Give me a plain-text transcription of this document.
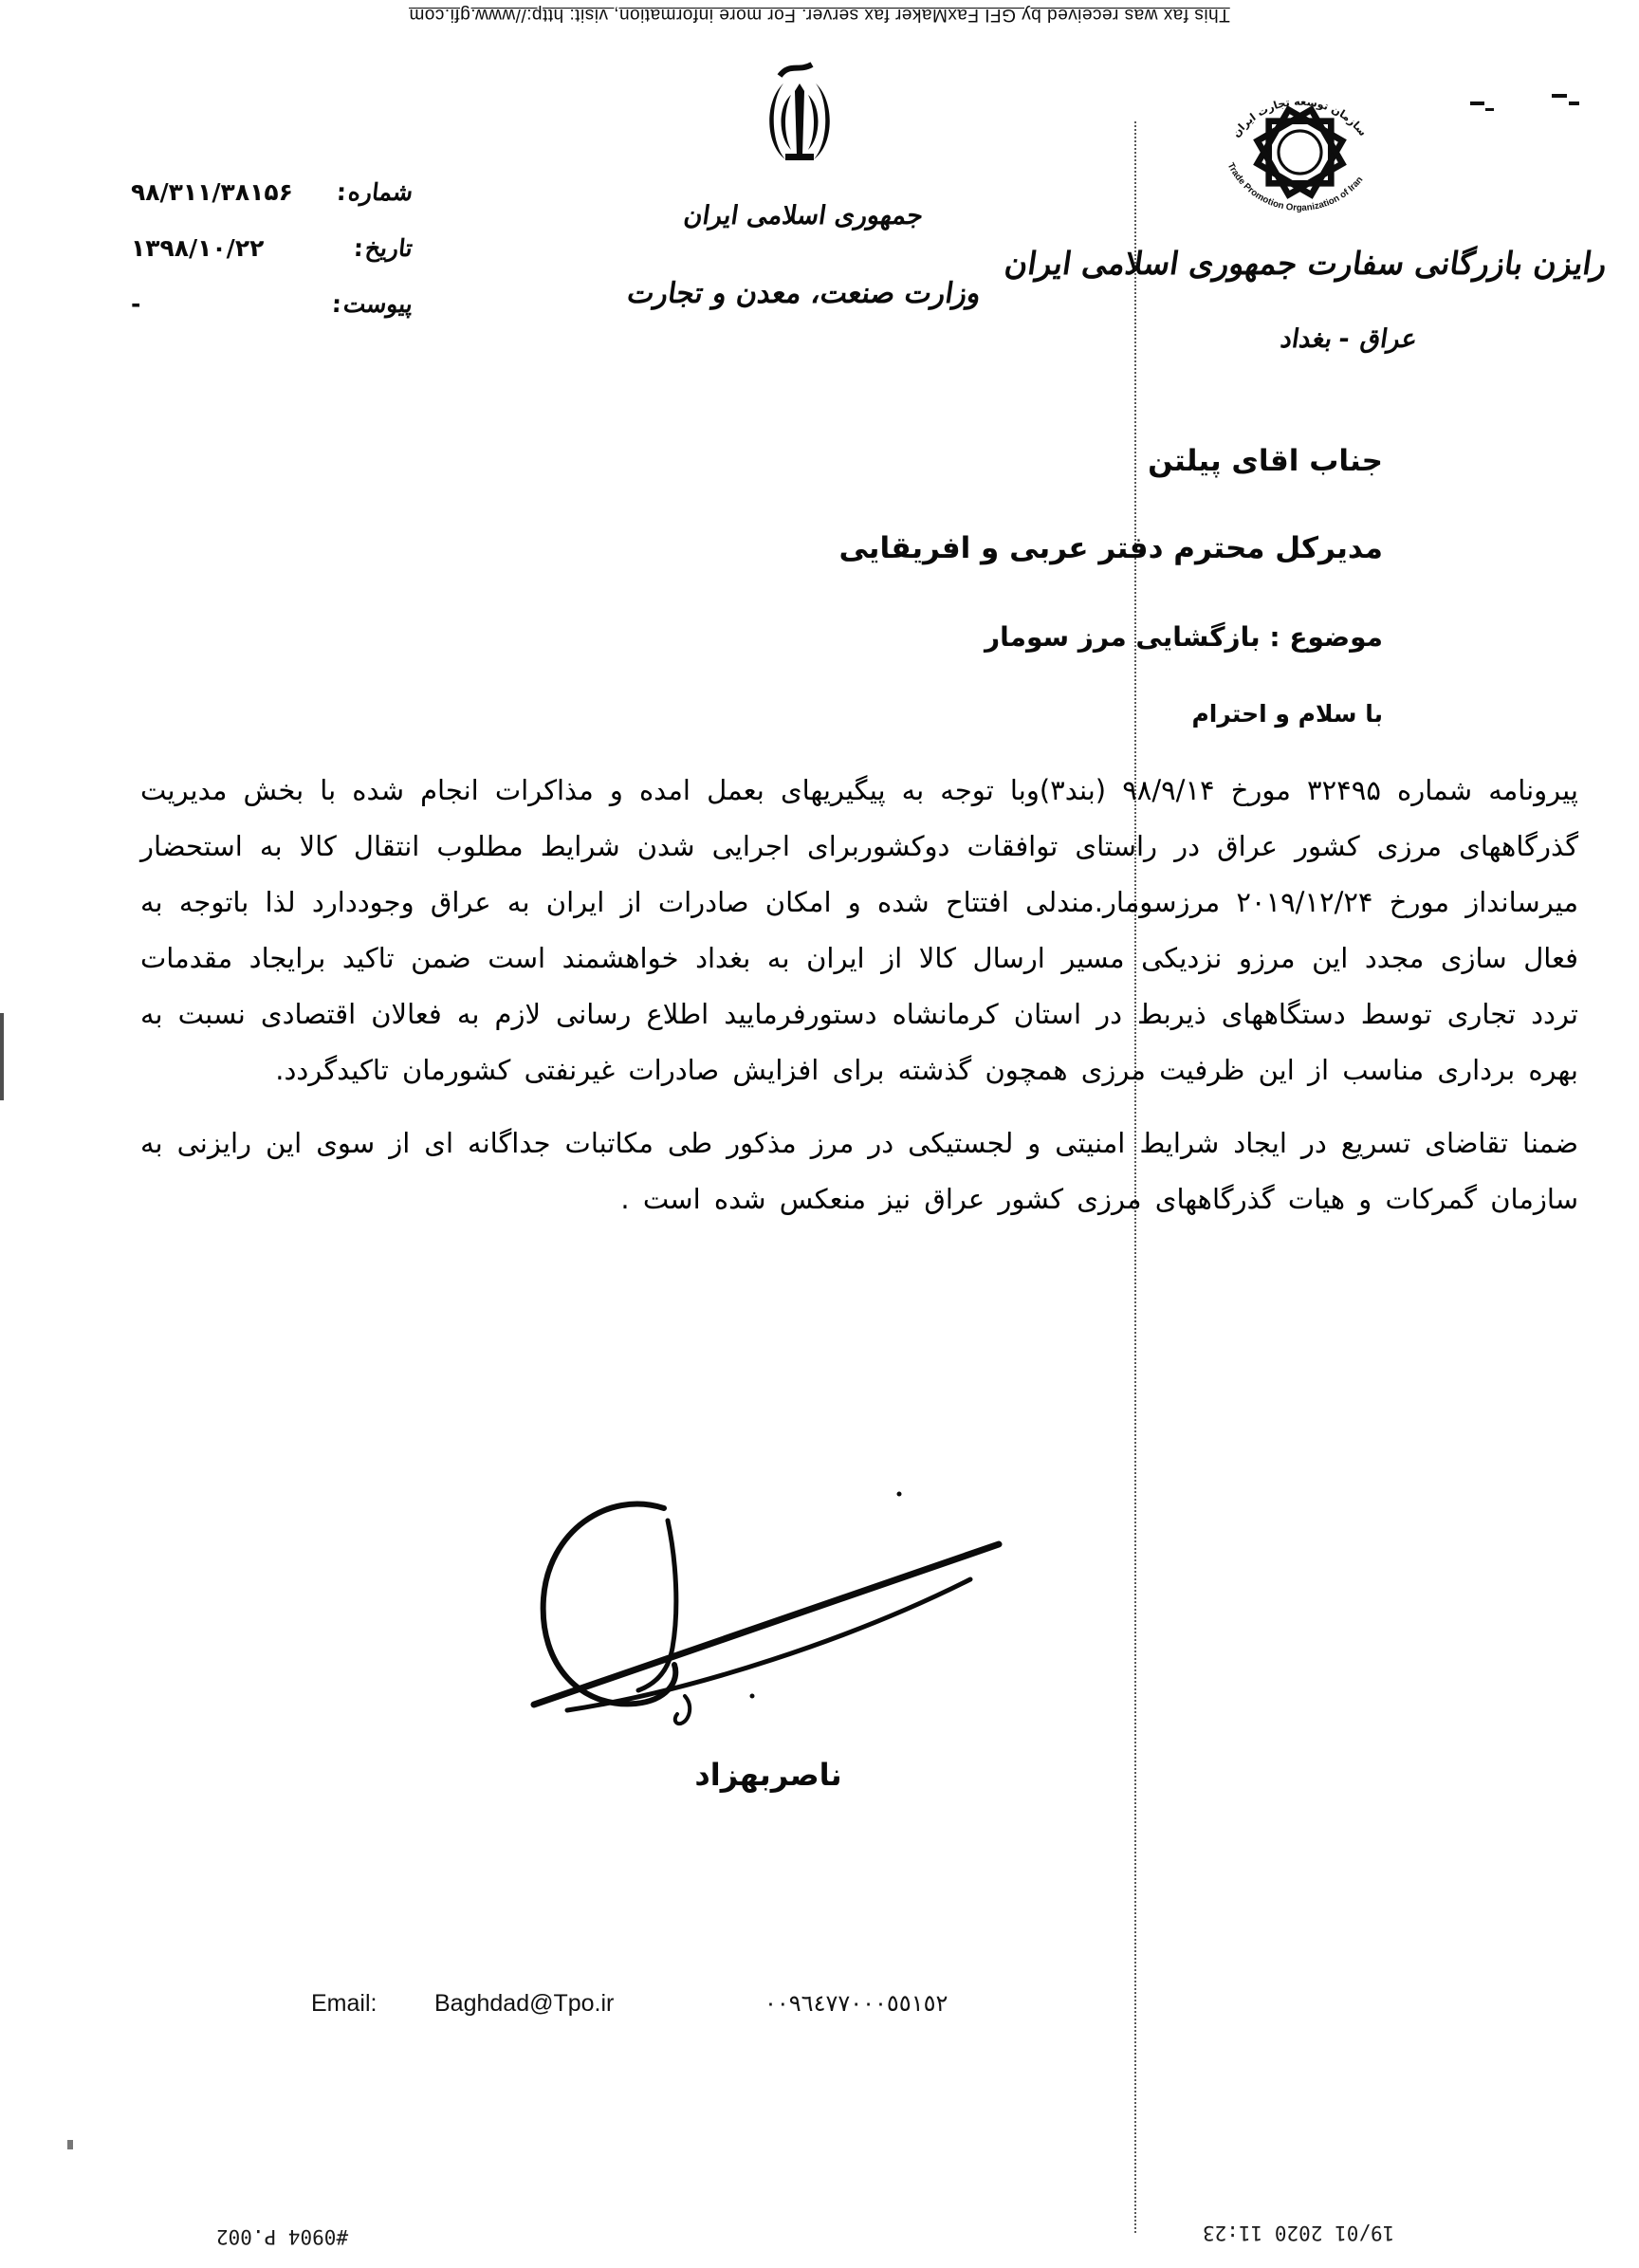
This fax was received by GFI FaxMaker fax server. For more information, visit: http://www.gfi.com
شماره:
۹۸/۳۱۱/۳۸۱۵۶
تاریخ:
۱۳۹۸/۱۰/۲۲
پیوست:
-
جمهوری اسلامی ایران
وزارت صنعت، معدن و تجارت
سازمان توسعه تجارت ایران
Trade Promotion Organization of Iran
رایزن بازرگانی سفارت جمهوری اسلامی ایران
عراق - بغداد
جناب اقای پیلتن
مدیرکل محترم دفتر عربی و افریقایی
موضوع : بازگشایی مرز سومار
با سلام و احترام

پیرونامه شماره ۳۲۴۹۵ مورخ ۹۸/۹/۱۴ (بند۳)وبا توجه به پیگیریهای بعمل امده و مذاکرات انجام شده با بخش مدیریت گذرگاههای مرزی کشور عراق در راستای توافقات دوکشوربرای اجرایی شدن شرایط مطلوب انتقال کالا به استحضار میرسانداز مورخ ۲۰۱۹/۱۲/۲۴ مرزسومار.مندلی افتتاح شده و امکان صادرات از ایران به عراق وجوددارد لذا باتوجه به فعال سازی مجدد این مرزو نزدیکی مسیر ارسال کالا از ایران به بغداد خواهشمند است ضمن تاکید برایجاد مقدمات تردد تجاری توسط دستگاههای ذیربط در استان کرمانشاه دستورفرمایید اطلاع رسانی لازم به فعالان اقتصادی نسبت به بهره برداری مناسب از این ظرفیت مرزی همچون گذشته برای افزایش صادرات غیرنفتی کشورمان تاکیدگردد.

ضمنا تقاضای تسریع در ایجاد شرایط امنیتی و لجستیکی در مرز مذکور طی مکاتبات جداگانه ای از سوی این رایزنی به سازمان گمرکات و هیات گذرگاههای مرزی کشور عراق نیز منعکس شده است .

ناصربهزاد
Email: Baghdad@Tpo.ir	٠٠٩٦٤٧٧٠٠٠٥٥١٥٢
#0904 P.002	19/01 2020 11:23
